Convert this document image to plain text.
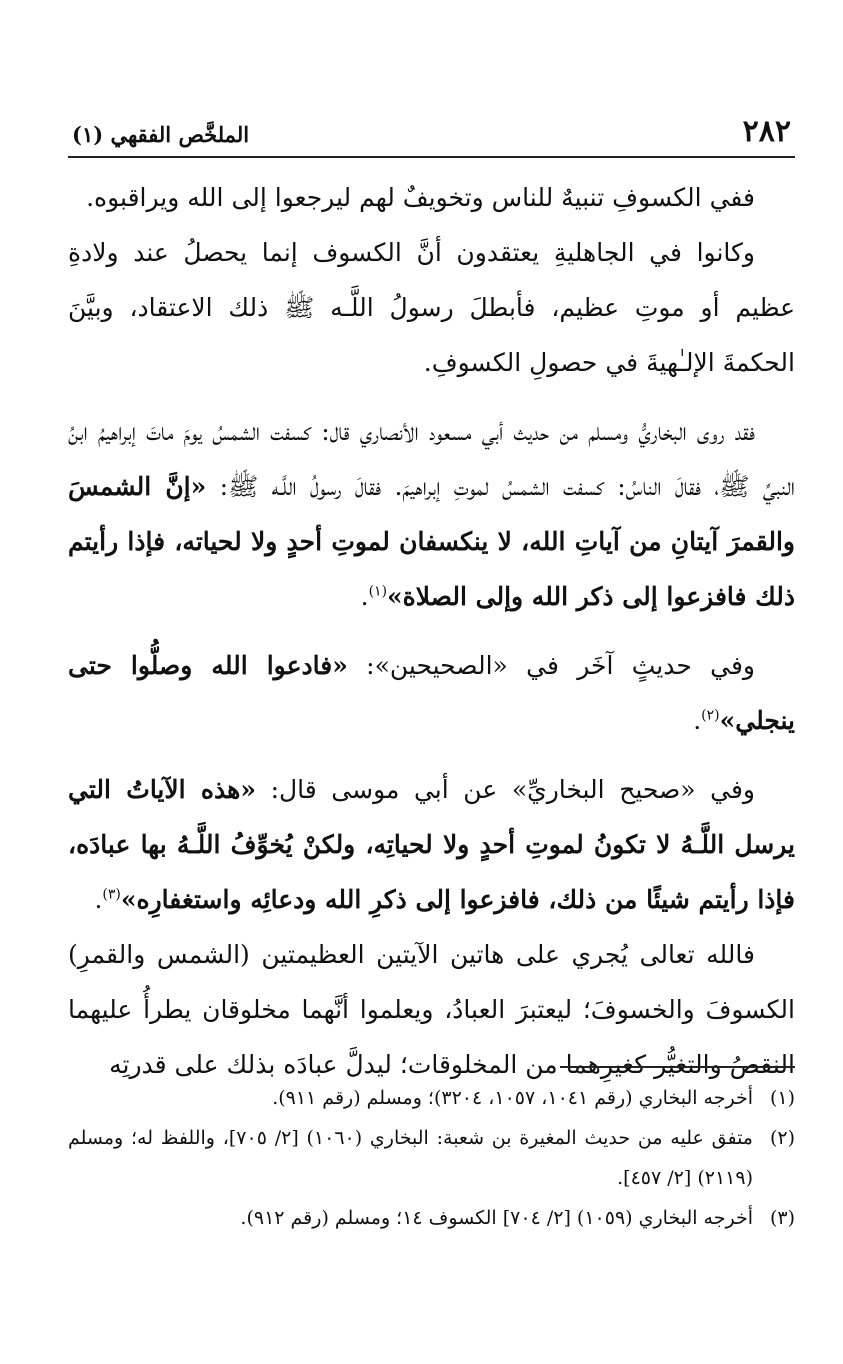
٢٨٢
الملخَّص الفقهي (١)

ففي الكسوفِ تنبيهٌ للناس وتخويفٌ لهم ليرجعوا إلى الله ويراقبوه.

وكانوا في الجاهليةِ يعتقدون أنَّ الكسوف إنما يحصلُ عند ولادةِ عظيم أو موتِ عظيم، فأبطلَ رسولُ اللَّـه ﷺ ذلك الاعتقاد، وبيَّنَ الحكمةَ الإلـٰهيةَ في حصولِ الكسوفِ.

فقد روى البخاريُّ ومسلم من حديث أبي مسعود الأنصاري قال: كسفت الشمسُ يومَ ماتَ إبراهيمُ ابنُ النبيِّ ﷺ، فقالَ الناسُ: كسفت الشمسُ لموتِ إبراهيمَ. فقالَ رسولُ اللَّـه ﷺ: «إنَّ الشمسَ والقمرَ آيتانِ من آياتِ الله، لا ينكسفان لموتِ أحدٍ ولا لحياته، فإذا رأيتم ذلك فافزعوا إلى ذكر الله وإلى الصلاة»$^{(١)}$.

وفي حديثٍ آخَر في «الصحيحين»: «فادعوا الله وصلُّوا حتى ينجلي»$^{(٢)}$.

وفي «صحيح البخاريِّ» عن أبي موسى قال: «هذه الآياتُ التي يرسل اللَّـهُ لا تكونُ لموتِ أحدٍ ولا لحياتِه، ولكنْ يُخوِّفُ اللَّـهُ بها عبادَه، فإذا رأيتم شيئًا من ذلك، فافزعوا إلى ذكرِ الله ودعائِه واستغفارِه»$^{(٣)}$.

فالله تعالى يُجري على هاتين الآيتين العظيمتين (الشمس والقمرِ) الكسوفَ والخسوفَ؛ ليعتبرَ العبادُ، ويعلموا أنَّهما مخلوقان يطرأُ عليهما النقصُ والتغيُّر كغيرِهما من المخلوقات؛ ليدلَّ عبادَه بذلك على قدرتِه

(١)
أخرجه البخاري (رقم ١٠٤١، ١٠٥٧، ٣٢٠٤)؛ ومسلم (رقم ٩١١).
(٢)
متفق عليه من حديث المغيرة بن شعبة: البخاري (١٠٦٠) [٢/ ٧٠٥]، واللفظ له؛ ومسلم (٢١١٩) [٢/ ٤٥٧].
(٣)
أخرجه البخاري (١٠٥٩) [٢/ ٧٠٤] الكسوف ١٤؛ ومسلم (رقم ٩١٢).
